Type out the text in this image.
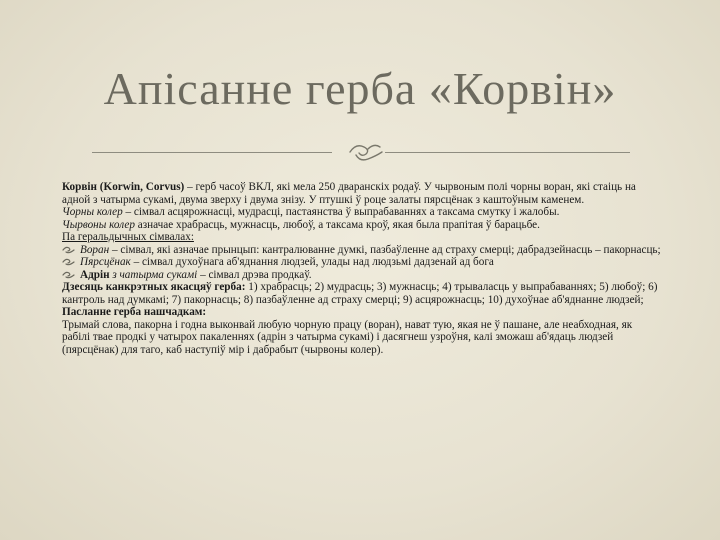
Апісанне герба «Корвін»

Корвін (Korwin, Corvus) – герб часоў ВКЛ, які мела 250 дваранскіх родаў. У чырвоным полі чорны воран, які стаіць на адной з чатырма сукамі, двума зверху і двума знізу. У птушкі ў роце залаты пярсцёнак з каштоўным каменем.

Чорны колер – сімвал асцярожнасці, мудрасці, пастаянства ў выпрабаваннях а таксама смутку і жалобы.

Чырвоны колер азначае храбрасць, мужнасць, любоў, а таксама кроў, якая была прапітая ў барацьбе.

Па геральдычных сімвалах:

Воран – сімвал, які азначае прынцып: кантралюванне думкі, пазбаўленне ад страху смерці; дабрадзейнасць – пакорнасць;
Пярсцёнак – сімвал духоўнага аб'яднання людзей, улады над людзьмі дадзенай ад бога
Адрін з чатырма сукамі – сімвал дрэва продкаў.

Дзесяць канкрэтных якасцяў герба: 1) храбрасць; 2) мудрасць; 3) мужнасць; 4) трываласць у выпрабаваннях; 5) любоў; 6) кантроль над думкамі; 7) пакорнасць; 8) пазбаўленне ад страху смерці; 9) асцярожнасць; 10) духоўнае аб'яднанне людзей;

Пасланне герба нашчадкам:

Трымай слова, пакорна і годна выконвай любую чорную працу (воран), нават тую, якая не ў пашане, але неабходная, як рабілі твае продкі у чатырох пакаленнях (адрін з чатырма сукамі) і дасягнеш узроўня, калі зможаш аб'ядаць людзей (пярсцёнак) для таго, каб наступіў мір і дабрабыт (чырвоны колер).
